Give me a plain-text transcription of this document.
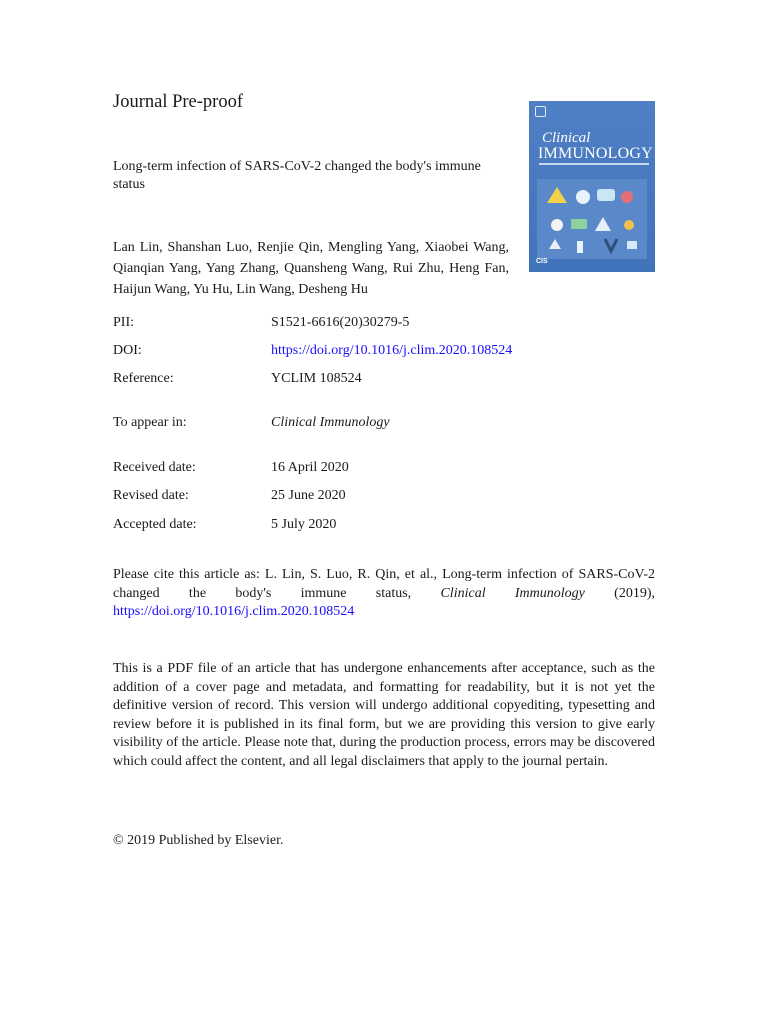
Journal Pre-proof
Long-term infection of SARS-CoV-2 changed the body's immune status
Lan Lin, Shanshan Luo, Renjie Qin, Mengling Yang, Xiaobei Wang, Qianqian Yang, Yang Zhang, Quansheng Wang, Rui Zhu, Heng Fan, Haijun Wang, Yu Hu, Lin Wang, Desheng Hu
Clinical
IMMUNOLOGY
CIS
PII:	S1521-6616(20)30279-5
DOI:	https://doi.org/10.1016/j.clim.2020.108524
Reference:	YCLIM 108524
To appear in:	Clinical Immunology
Received date:	16 April 2020
Revised date:	25 June 2020
Accepted date:	5 July 2020
Please cite this article as: L. Lin, S. Luo, R. Qin, et al., Long-term infection of SARS-CoV-2 changed the body's immune status, Clinical Immunology (2019), https://doi.org/10.1016/j.clim.2020.108524
This is a PDF file of an article that has undergone enhancements after acceptance, such as the addition of a cover page and metadata, and formatting for readability, but it is not yet the definitive version of record. This version will undergo additional copyediting, typesetting and review before it is published in its final form, but we are providing this version to give early visibility of the article. Please note that, during the production process, errors may be discovered which could affect the content, and all legal disclaimers that apply to the journal pertain.
© 2019 Published by Elsevier.
